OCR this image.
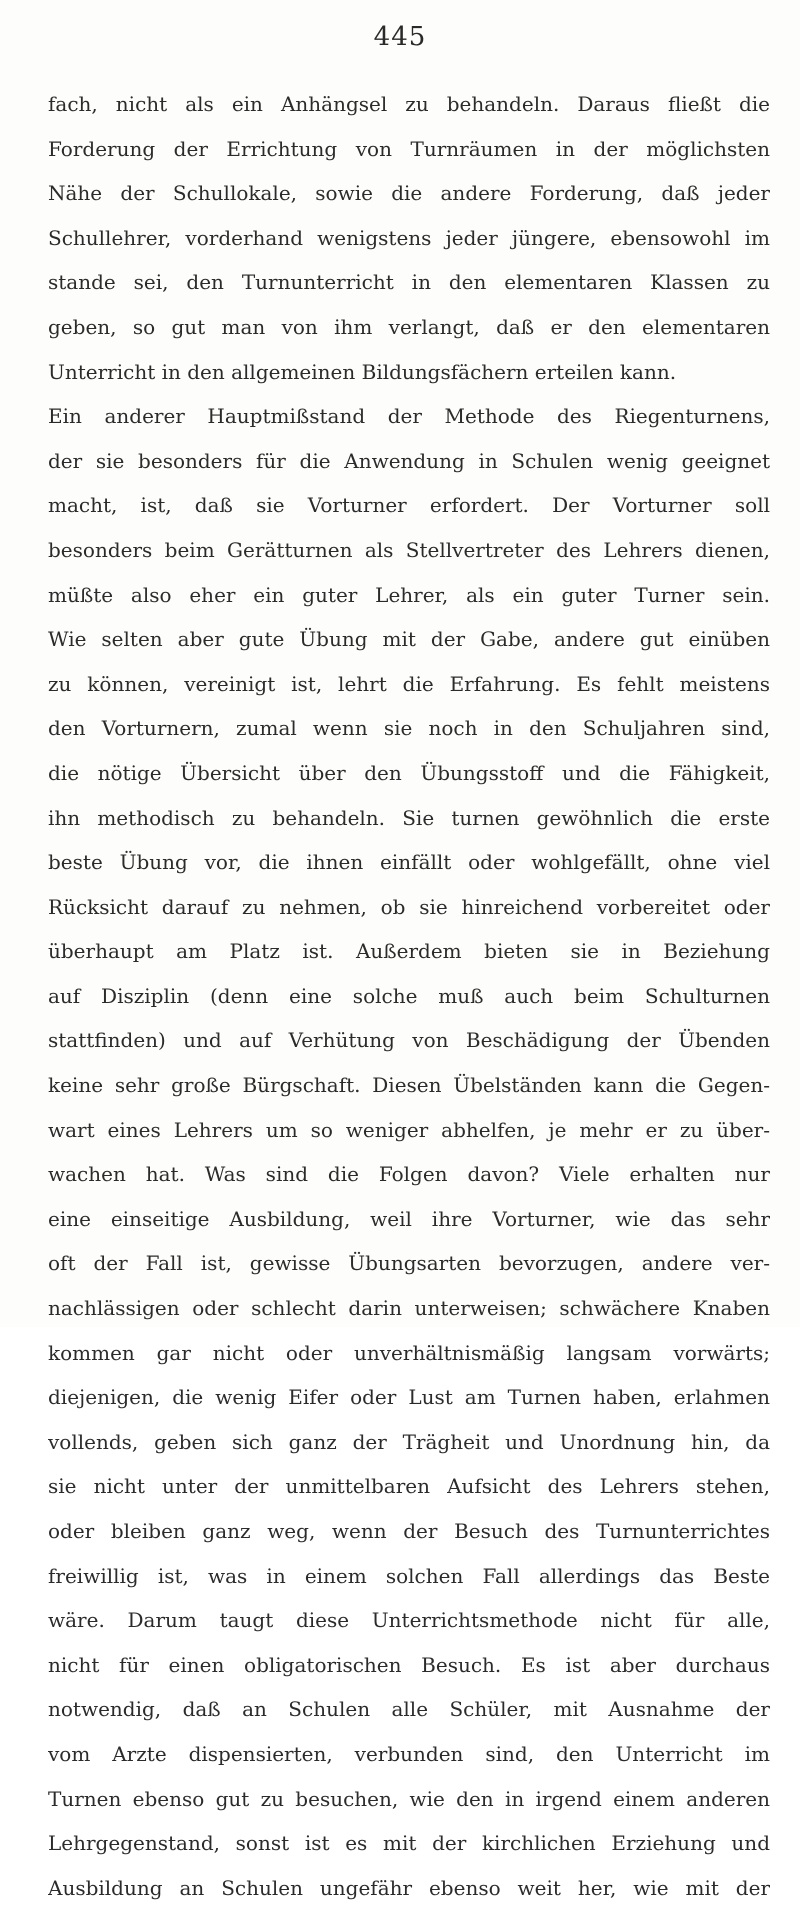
445
fach, nicht als ein Anhängsel zu behandeln. Daraus fließt die
Forderung der Errichtung von Turnräumen in der möglichsten
Nähe der Schullokale, sowie die andere Forderung, daß jeder
Schullehrer, vorderhand wenigstens jeder jüngere, ebensowohl im
stande sei, den Turnunterricht in den elementaren Klassen zu
geben, so gut man von ihm verlangt, daß er den elementaren
Unterricht in den allgemeinen Bildungsfächern erteilen kann.
Ein anderer Hauptmißstand der Methode des Riegenturnens,
der sie besonders für die Anwendung in Schulen wenig geeignet
macht, ist, daß sie Vorturner erfordert. Der Vorturner soll
besonders beim Gerätturnen als Stellvertreter des Lehrers dienen,
müßte also eher ein guter Lehrer, als ein guter Turner sein.
Wie selten aber gute Übung mit der Gabe, andere gut einüben
zu können, vereinigt ist, lehrt die Erfahrung. Es fehlt meistens
den Vorturnern, zumal wenn sie noch in den Schuljahren sind,
die nötige Übersicht über den Übungsstoff und die Fähigkeit,
ihn methodisch zu behandeln. Sie turnen gewöhnlich die erste
beste Übung vor, die ihnen einfällt oder wohlgefällt, ohne viel
Rücksicht darauf zu nehmen, ob sie hinreichend vorbereitet oder
überhaupt am Platz ist. Außerdem bieten sie in Beziehung
auf Disziplin (denn eine solche muß auch beim Schulturnen
stattfinden) und auf Verhütung von Beschädigung der Übenden
keine sehr große Bürgschaft. Diesen Übelständen kann die Gegen-
wart eines Lehrers um so weniger abhelfen, je mehr er zu über-
wachen hat. Was sind die Folgen davon? Viele erhalten nur
eine einseitige Ausbildung, weil ihre Vorturner, wie das sehr
oft der Fall ist, gewisse Übungsarten bevorzugen, andere ver-
nachlässigen oder schlecht darin unterweisen; schwächere Knaben
kommen gar nicht oder unverhältnismäßig langsam vorwärts;
diejenigen, die wenig Eifer oder Lust am Turnen haben, erlahmen
vollends, geben sich ganz der Trägheit und Unordnung hin, da
sie nicht unter der unmittelbaren Aufsicht des Lehrers stehen,
oder bleiben ganz weg, wenn der Besuch des Turnunterrichtes
freiwillig ist, was in einem solchen Fall allerdings das Beste
wäre. Darum taugt diese Unterrichtsmethode nicht für alle,
nicht für einen obligatorischen Besuch. Es ist aber durchaus
notwendig, daß an Schulen alle Schüler, mit Ausnahme der
vom Arzte dispensierten, verbunden sind, den Unterricht im
Turnen ebenso gut zu besuchen, wie den in irgend einem anderen
Lehrgegenstand, sonst ist es mit der kirchlichen Erziehung und
Ausbildung an Schulen ungefähr ebenso weit her, wie mit der
